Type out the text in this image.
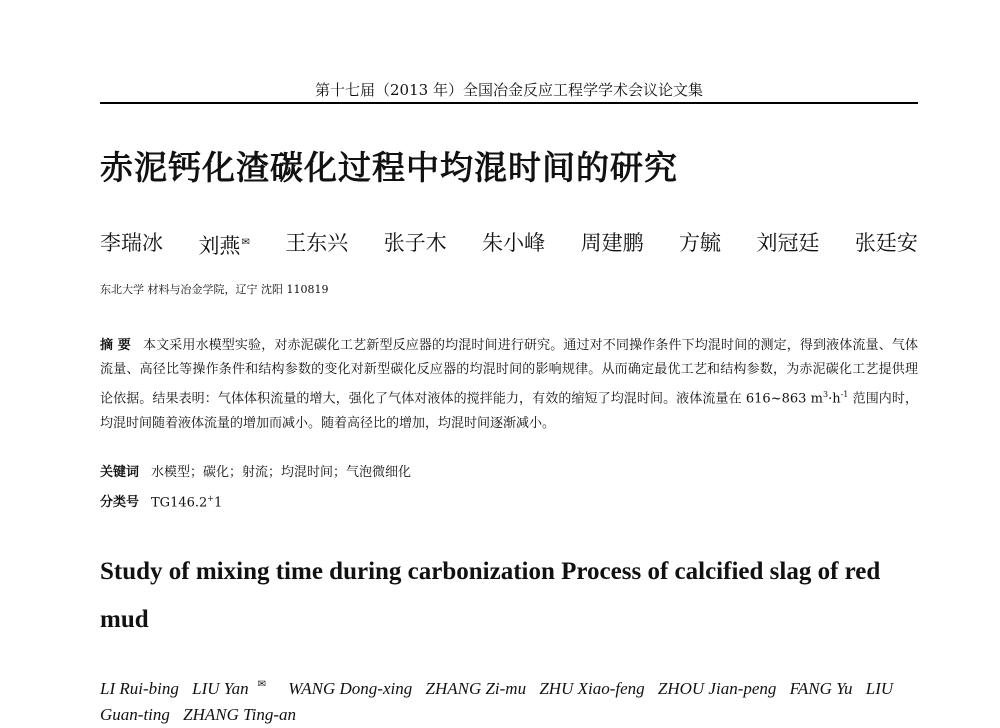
第十七届（2013 年）全国冶金反应工程学学术会议论文集
赤泥钙化渣碳化过程中均混时间的研究
李瑞冰 刘燕✉ 王东兴 张子木 朱小峰 周建鹏 方毓 刘冠廷 张廷安
东北大学 材料与冶金学院，辽宁 沈阳 110819
摘 要 本文采用水模型实验，对赤泥碳化工艺新型反应器的均混时间进行研究。通过对不同操作条件下均混时间的测定，得到液体流量、气体流量、高径比等操作条件和结构参数的变化对新型碳化反应器的均混时间的影响规律。从而确定最优工艺和结构参数，为赤泥碳化工艺提供理论依据。结果表明：气体体积流量的增大，强化了气体对液体的搅拌能力，有效的缩短了均混时间。液体流量在 616~863 $m^3\cdot h^{-1}$ 范围内时，均混时间随着液体流量的增加而减小。随着高径比的增加，均混时间逐渐减小。
关键词 水模型；碳化；射流；均混时间；气泡微细化
分类号 TG146.2+1
Study of mixing time during carbonization Process of calcified slag of red mud
LI Rui-bing LIU Yan ✉ WANG Dong-xing ZHANG Zi-mu ZHU Xiao-feng ZHOU Jian-peng FANG Yu LIU Guan-ting ZHANG Ting-an
